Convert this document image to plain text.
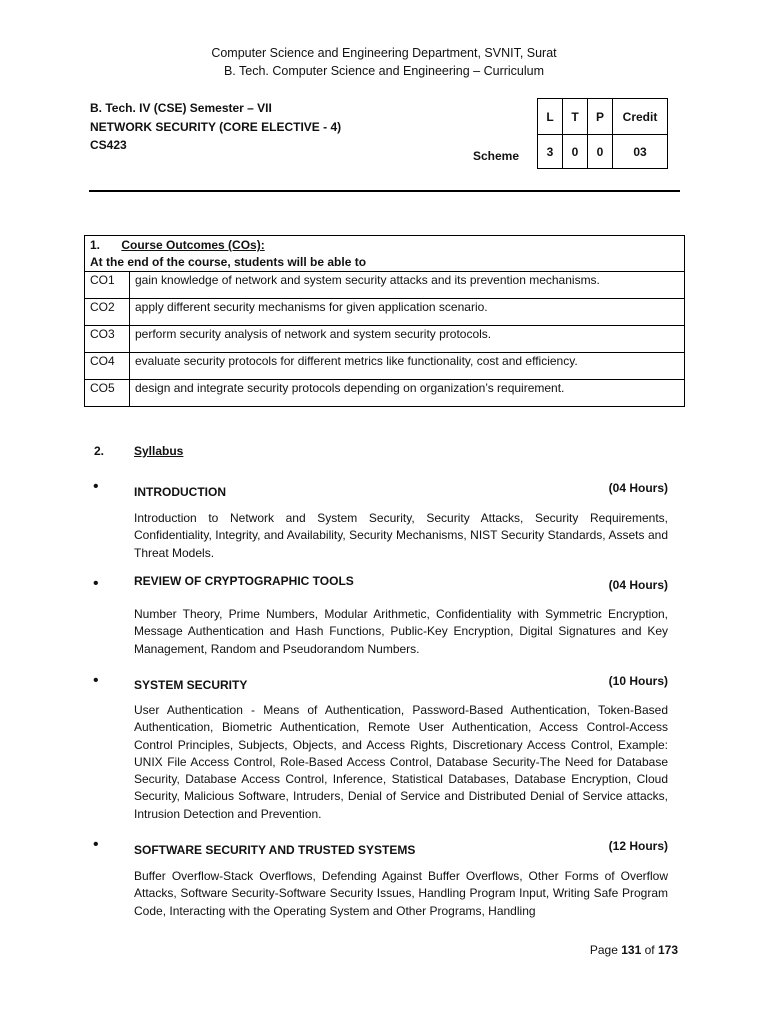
Computer Science and Engineering Department, SVNIT, Surat
B. Tech. Computer Science and Engineering – Curriculum
B. Tech. IV (CSE) Semester – VII
NETWORK SECURITY (CORE ELECTIVE - 4)
CS423
Scheme
L	T	P	Credit
3	0	0	03
1. Course Outcomes (COs):
At the end of the course, students will be able to	

CO1	gain knowledge of network and system security attacks and its prevention mechanisms.
CO2	apply different security mechanisms for given application scenario.
CO3	perform security analysis of network and system security protocols.
CO4	evaluate security protocols for different metrics like functionality, cost and efficiency.
CO5	design and integrate security protocols depending on organization’s requirement.
2. Syllabus
•	INTRODUCTION	(04 Hours)
Introduction to Network and System Security, Security Attacks, Security Requirements, Confidentiality, Integrity, and Availability, Security Mechanisms, NIST Security Standards, Assets and Threat Models.
•	REVIEW OF CRYPTOGRAPHIC TOOLS	(04 Hours)
Number Theory, Prime Numbers, Modular Arithmetic, Confidentiality with Symmetric Encryption, Message Authentication and Hash Functions, Public-Key Encryption, Digital Signatures and Key Management, Random and Pseudorandom Numbers.
•	SYSTEM SECURITY	(10 Hours)
User Authentication - Means of Authentication, Password-Based Authentication, Token-Based Authentication, Biometric Authentication, Remote User Authentication, Access Control-Access Control Principles, Subjects, Objects, and Access Rights, Discretionary Access Control, Example: UNIX File Access Control, Role-Based Access Control, Database Security-The Need for Database Security, Database Access Control, Inference, Statistical Databases, Database Encryption, Cloud Security, Malicious Software, Intruders, Denial of Service and Distributed Denial of Service attacks, Intrusion Detection and Prevention.
•	SOFTWARE SECURITY AND TRUSTED SYSTEMS	(12 Hours)
Buffer Overflow-Stack Overflows, Defending Against Buffer Overflows, Other Forms of Overflow Attacks, Software Security-Software Security Issues, Handling Program Input, Writing Safe Program Code, Interacting with the Operating System and Other Programs, Handling
Page 131 of 173
